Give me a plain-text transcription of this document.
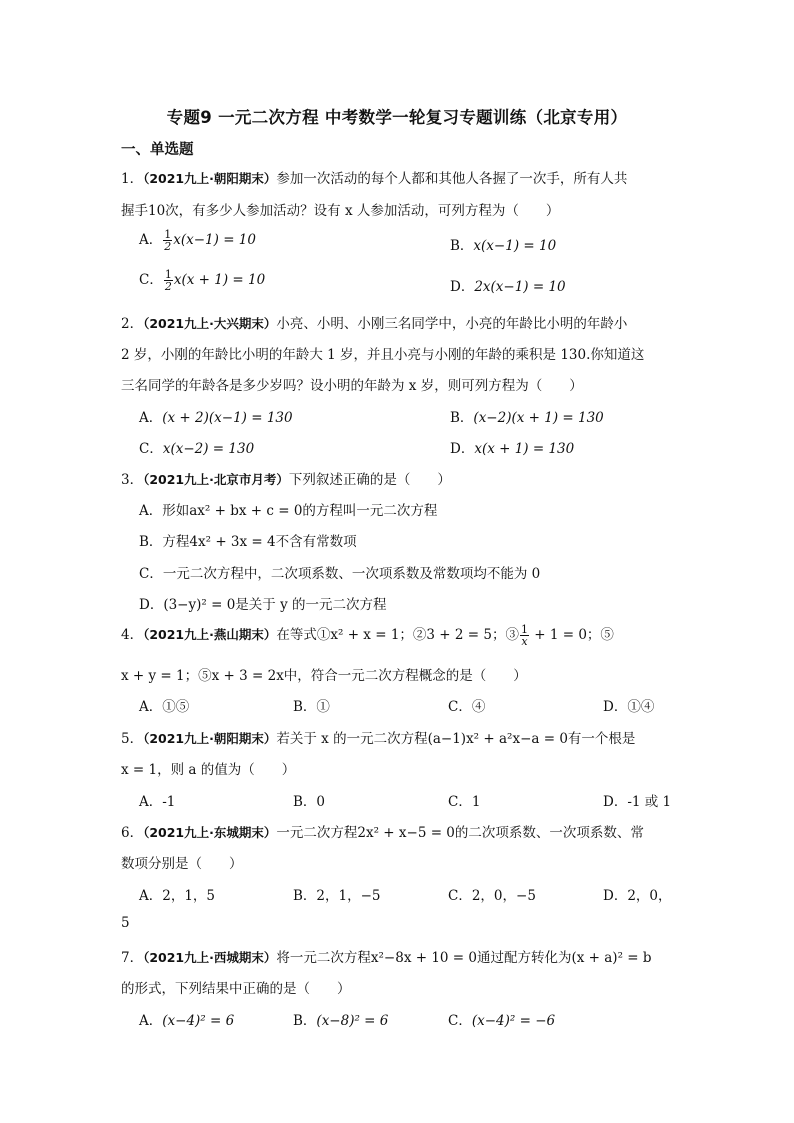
专题9 一元二次方程 中考数学一轮复习专题训练（北京专用）
一、单选题
1．（2021九上·朝阳期末）参加一次活动的每个人都和其他人各握了一次手，所有人共
握手10次，有多少人参加活动？设有 x 人参加活动，可列方程为（　　）
A． $\frac{1}{2} x(x-1) = 10$	B．x(x−1) = 10
C． $\frac{1}{2} x(x + 1) = 10$	D．2x(x−1) = 10
2．（2021九上·大兴期末）小亮、小明、小刚三名同学中，小亮的年龄比小明的年龄小
2 岁，小刚的年龄比小明的年龄大 1 岁，并且小亮与小刚的年龄的乘积是 130.你知道这
三名同学的年龄各是多少岁吗？设小明的年龄为 x 岁，则可列方程为（　　）
A．(x + 2)(x−1) = 130	B．(x−2)(x + 1) = 130
C．x(x−2) = 130	D．x(x + 1) = 130
3．（2021九上·北京市月考）下列叙述正确的是（　　）
A．形如ax² + bx + c = 0的方程叫一元二次方程
B．方程4x² + 3x = 4不含有常数项
C．一元二次方程中，二次项系数、一次项系数及常数项均不能为 0
D．(3−y)² = 0是关于 y 的一元二次方程
4．（2021九上·燕山期末）在等式①x² + x = 1；②3 + 2 = 5；③ $\frac{1}{x} + 1 = 0$；⑤
x + y = 1；⑤x + 3 = 2x中，符合一元二次方程概念的是（　　）
A．①⑤	B．①	C．④	D．①④
5．（2021九上·朝阳期末）若关于 x 的一元二次方程(a−1)x² + a²x−a = 0有一个根是
x = 1，则 a 的值为（　　）
A．-1	B．0	C．1	D．-1 或 1
6．（2021九上·东城期末）一元二次方程2x² + x−5 = 0的二次项系数、一次项系数、常
数项分别是（　　）
A．2，1，5	B．2，1，−5	C．2，0，−5	D．2，0，
5
7．（2021九上·西城期末）将一元二次方程x²−8x + 10 = 0通过配方转化为(x + a)² = b
的形式，下列结果中正确的是（　　）
A．(x−4)² = 6	B．(x−8)² = 6	C．(x−4)² = −6
